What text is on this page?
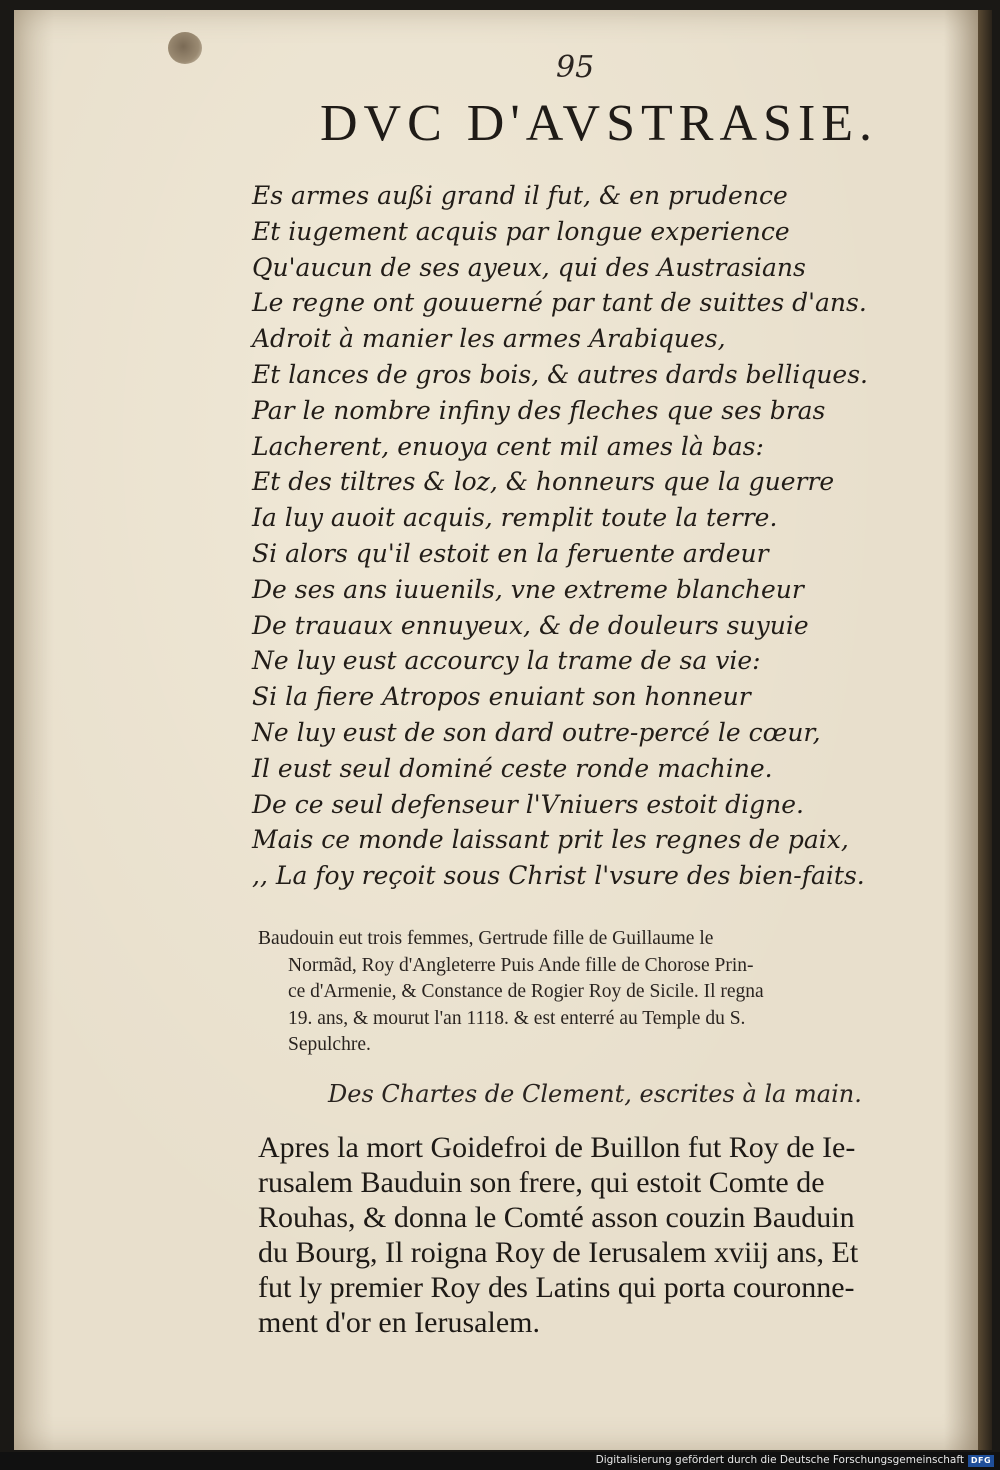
95
DVC D'AVSTRASIE.
Es armes außi grand il fut, & en prudence
Et iugement acquis par longue experience
Qu'aucun de ses ayeux, qui des Austrasians
Le regne ont gouuerné par tant de suittes d'ans.
Adroit à manier les armes Arabiques,
Et lances de gros bois, & autres dards belliques.
Par le nombre infiny des fleches que ses bras
Lacherent, enuoya cent mil ames là bas:
Et des tiltres & loz, & honneurs que la guerre
Ia luy auoit acquis, remplit toute la terre.
Si alors qu'il estoit en la feruente ardeur
De ses ans iuuenils, vne extreme blancheur
De trauaux ennuyeux, & de douleurs suyuie
Ne luy eust accourcy la trame de sa vie:
Si la fiere Atropos enuiant son honneur
Ne luy eust de son dard outre-percé le cœur,
Il eust seul dominé ceste ronde machine.
De ce seul defenseur l'Vniuers estoit digne.
Mais ce monde laissant prit les regnes de paix,
,, La foy reçoit sous Christ l'vsure des bien-faits.
Baudouin eut trois femmes, Gertrude fille de Guillaume le
Normãd, Roy d'Angleterre Puis Ande fille de Chorose Prin-
ce d'Armenie, & Constance de Rogier Roy de Sicile. Il regna
19. ans, & mourut l'an 1118. & est enterré au Temple du S.
Sepulchre.
Des Chartes de Clement, escrites à la main.
Apres la mort Goidefroi de Buillon fut Roy de Ie-
rusalem Bauduin son frere, qui estoit Comte de
Rouhas, & donna le Comté asson couzin Bauduin
du Bourg, Il roigna Roy de Ierusalem xviij ans, Et
fut ly premier Roy des Latins qui porta couronne-
ment d'or en Ierusalem.
Digitalisierung gefördert durch die Deutsche Forschungsgemeinschaft DFG
